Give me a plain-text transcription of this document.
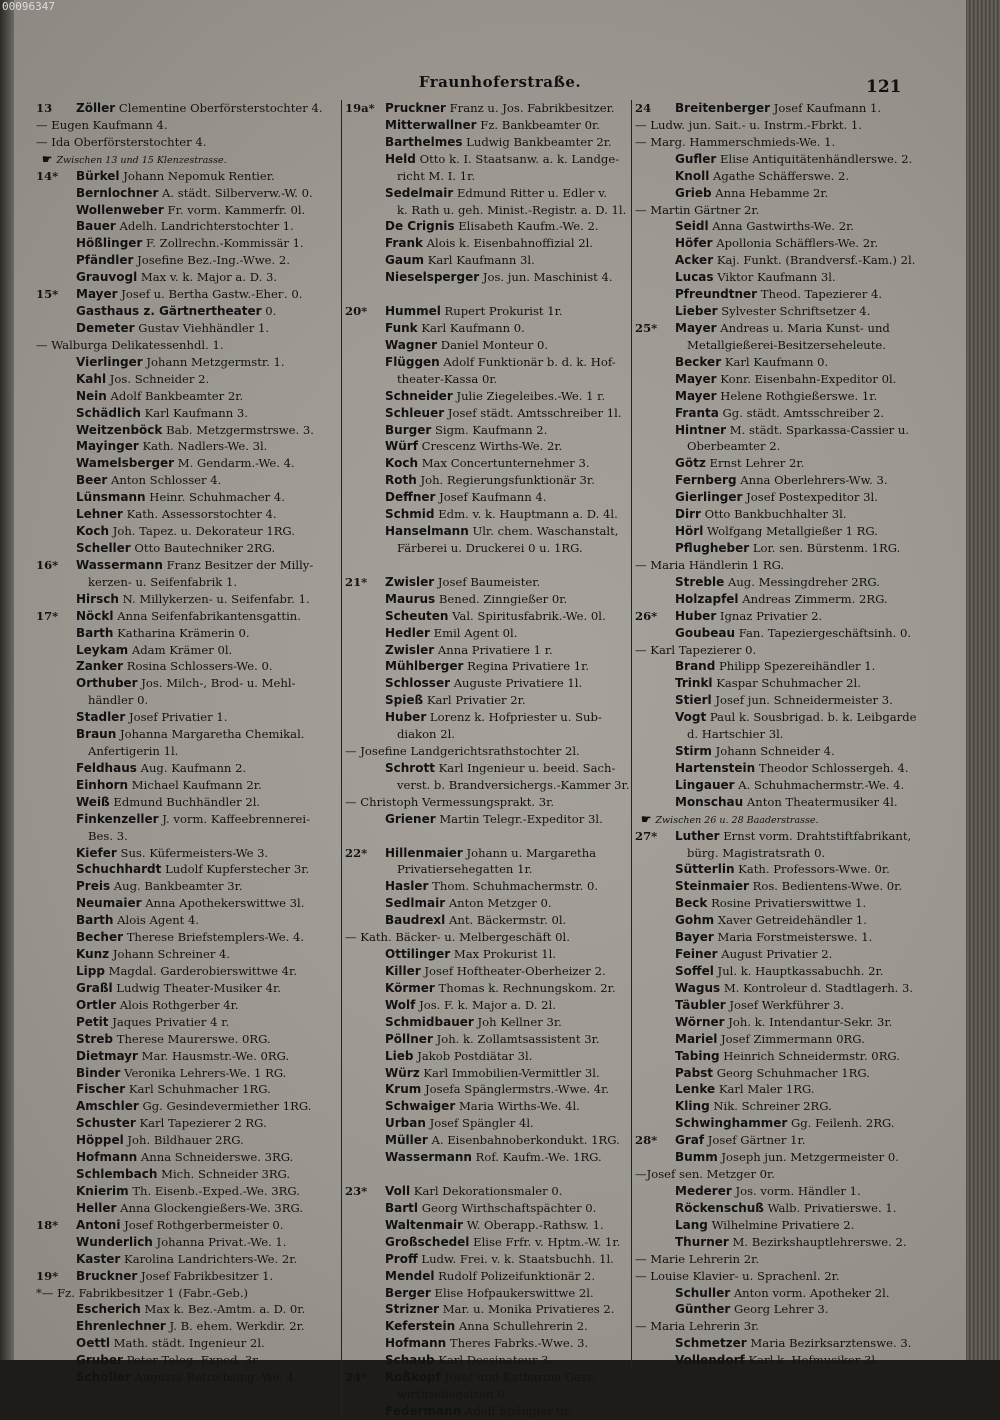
00096347
Fraunhoferstraße.	121
13 Zöller Clementine Oberförsterstochter 4.
— Eugen Kaufmann 4.
— Ida Oberförsterstochter 4.
☛ Zwischen 13 und 15 Klenzestrasse.
14* Bürkel Johann Nepomuk Rentier.
Bernlochner A. städt. Silberverw.-W. 0.
Wollenweber Fr. vorm. Kammerfr. 0l.
Bauer Adelh. Landrichterstochter 1.
Hößlinger F. Zollrechn.-Kommissär 1.
Pfändler Josefine Bez.-Ing.-Wwe. 2.
Grauvogl Max v. k. Major a. D. 3.
15* Mayer Josef u. Bertha Gastw.-Ehег. 0.
Gasthaus z. Gärtnertheater 0.
Demeter Gustav Viehhändler 1.
— Walburga Delikatessenhdl. 1.
Vierlinger Johann Metzgermstr. 1.
Kahl Jos. Schneider 2.
Nein Adolf Bankbeamter 2r.
Schädlich Karl Kaufmann 3.
Weitzenböck Bab. Metzgermstrswe. 3.
Mayinger Kath. Nadlers-We. 3l.
Wamelsberger M. Gendarm.-We. 4.
Beer Anton Schlosser 4.
Lünsmann Heinr. Schuhmacher 4.
Lehner Kath. Assessorstochter 4.
Koch Joh. Tapez. u. Dekorateur 1RG.
Scheller Otto Bautechniker 2RG.
16* Wassermann Franz Besitzer der Milly-
kerzen- u. Seifenfabrik 1.
Hirsch N. Millykerzen- u. Seifenfabr. 1.
17* Nöckl Anna Seifenfabrikantensgattin.
Barth Katharina Krämerin 0.
Leykam Adam Krämer 0l.
Zanker Rosina Schlossers-We. 0.
Orthuber Jos. Milch-, Brod- u. Mehl-
händler 0.
Stadler Josef Privatier 1.
Braun Johanna Margaretha Chemikal.
Anfertigerin 1l.
Feldhaus Aug. Kaufmann 2.
Einhorn Michael Kaufmann 2r.
Weiß Edmund Buchhändler 2l.
Finkenzeller J. vorm. Kaffeebrennerei-
Bes. 3.
Kiefer Sus. Küfermeisters-We 3.
Schuchhardt Ludolf Kupferstecher 3r.
Preis Aug. Bankbeamter 3r.
Neumaier Anna Apothekerswittwe 3l.
Barth Alois Agent 4.
Becher Therese Briefstemplers-We. 4.
Kunz Johann Schreiner 4.
Lipp Magdal. Garderobierswittwe 4r.
Graßl Ludwig Theater-Musiker 4r.
Ortler Alois Rothgerber 4r.
Petit Jaques Privatier 4 r.
Streb Therese Maurerswe. 0RG.
Dietmayr Mar. Hausmstr.-We. 0RG.
Binder Veronika Lehrers-We. 1 RG.
Fischer Karl Schuhmacher 1RG.
Amschler Gg. Gesindevermiether 1RG.
Schuster Karl Tapezierer 2 RG.
Höppel Joh. Bildhauer 2RG.
Hofmann Anna Schneiderswe. 3RG.
Schlembach Mich. Schneider 3RG.
Knierim Th. Eisenb.-Exped.-We. 3RG.
Heller Anna Glockengießers-We. 3RG.
18* Antoni Josef Rothgerbermeister 0.
Wunderlich Johanna Privat.-We. 1.
Kaster Karolina Landrichters-We. 2r.
19* Bruckner Josef Fabrikbesitzer 1.
*— Fz. Fabrikbesitzer 1 (Fabr.-Geb.)
Escherich Max k. Bez.-Amtm. a. D. 0r.
Ehrenlechner J. B. ehem. Werkdir. 2r.
Oettl Math. städt. Ingenieur 2l.
Gruber Peter Teleg.-Exped. 3r.
Schöller Augusta Betriebsing.-We. 4.
19a* Pruckner Franz u. Jos. Fabrikbesitzer.
Mitterwallner Fz. Bankbeamter 0r.
Barthelmes Ludwig Bankbeamter 2r.
Held Otto k. I. Staatsanw. a. k. Landge-
richt M. I. 1r.
Sedelmair Edmund Ritter u. Edler v.
k. Rath u. geh. Minist.-Registr. a. D. 1l.
De Crignis Elisabeth Kaufm.-We. 2.
Frank Alois k. Eisenbahnoffizial 2l.
Gaum Karl Kaufmann 3l.
Nieselsperger Jos. jun. Maschinist 4.
20* Hummel Rupert Prokurist 1r.
Funk Karl Kaufmann 0.
Wagner Daniel Monteur 0.
Flüggen Adolf Funktionär b. d. k. Hof-
theater-Kassa 0r.
Schneider Julie Ziegeleibes.-We. 1 r.
Schleuer Josef städt. Amtsschreiber 1l.
Burger Sigm. Kaufmann 2.
Würf Crescenz Wirths-We. 2r.
Koch Max Concertunternehmer 3.
Roth Joh. Regierungsfunktionär 3r.
Deffner Josef Kaufmann 4.
Schmid Edm. v. k. Hauptmann a. D. 4l.
Hanselmann Ulr. chem. Waschanstalt,
Färberei u. Druckerei 0 u. 1RG.
21* Zwisler Josef Baumeister.
Maurus Bened. Zinngießer 0r.
Scheuten Val. Spiritusfabrik.-We. 0l.
Hedler Emil Agent 0l.
Zwisler Anna Privatiere 1 r.
Mühlberger Regina Privatiere 1r.
Schlosser Auguste Privatiere 1l.
Spieß Karl Privatier 2r.
Huber Lorenz k. Hofpriester u. Sub-
diakon 2l.
— Josefine Landgerichtsrathstochter 2l.
Schrott Karl Ingenieur u. beeid. Sach-
verst. b. Brandversichergs.-Kammer 3r.
— Christoph Vermessungsprakt. 3r.
Griener Martin Telegr.-Expeditor 3l.
22* Hillenmaier Johann u. Margaretha
Privatiersehegatten 1r.
Hasler Thom. Schuhmachermstr. 0.
Sedlmair Anton Metzger 0.
Baudrexl Ant. Bäckermstr. 0l.
— Kath. Bäcker- u. Melbergeschäft 0l.
Ottilinger Max Prokurist 1l.
Killer Josef Hoftheater-Oberheizer 2.
Körmer Thomas k. Rechnungskom. 2r.
Wolf Jos. F. k. Major a. D. 2l.
Schmidbauer Joh Kellner 3r.
Pöllner Joh. k. Zollamtsassistent 3r.
Lieb Jakob Postdiätar 3l.
Würz Karl Immobilien-Vermittler 3l.
Krum Josefa Spänglermstrs.-Wwe. 4r.
Schwaiger Maria Wirths-We. 4l.
Urban Josef Spängler 4l.
Müller A. Eisenbahnoberkondukt. 1RG.
Wassermann Rof. Kaufm.-We. 1RG.
23* Voll Karl Dekorationsmaler 0.
Bartl Georg Wirthschaftspächter 0.
Waltenmair W. Oberapp.-Rathsw. 1.
Großschedel Elise Frfr. v. Hptm.-W. 1r.
Proff Ludw. Frei. v. k. Staatsbuchh. 1l.
Mendel Rudolf Polizeifunktionär 2.
Berger Elise Hofpaukerswittwe 2l.
Strizner Mar. u. Monika Privatieres 2.
Keferstein Anna Schullehrerin 2.
Hofmann Theres Fabrks.-Wwe. 3.
Schaub Karl Dessinateur 3.
24* Roßkopf Josef und Katharina Gast-
wirthsehegatten 0.
Federmann Adolf Spängler 0r.
24 Breitenberger Josef Kaufmann 1.
— Ludw. jun. Sait.- u. Instrm.-Fbrkt. 1.
— Marg. Hammerschmieds-We. 1.
Gufler Elise Antiquitätenhändlerswe. 2.
Knoll Agathe Schäfferswe. 2.
Grieb Anna Hebamme 2r.
— Martin Gärtner 2r.
Seidl Anna Gastwirths-We. 2r.
Höfer Apollonia Schäfflers-We. 2r.
Acker Kaj. Funkt. (Brandversf.-Kam.) 2l.
Lucas Viktor Kaufmann 3l.
Pfreundtner Theod. Tapezierer 4.
Lieber Sylvester Schriftsetzer 4.
25* Mayer Andreas u. Maria Kunst- und
Metallgießerei-Besitzersehеleute.
Becker Karl Kaufmann 0.
Mayer Konr. Eisenbahn-Expeditor 0l.
Mayer Helene Rothgießerswe. 1r.
Franta Gg. städt. Amtsschreiber 2.
Hintner M. städt. Sparkassa-Cassier u.
Oberbeamter 2.
Götz Ernst Lehrer 2r.
Fernberg Anna Oberlehrers-Ww. 3.
Gierlinger Josef Postexpeditor 3l.
Dirr Otto Bankbuchhalter 3l.
Hörl Wolfgang Metallgießer 1 RG.
Pflugheber Lor. sen. Bürstenm. 1RG.
— Maria Händlerin 1 RG.
Streble Aug. Messingdreher 2RG.
Holzapfel Andreas Zimmerm. 2RG.
26* Huber Ignaz Privatier 2.
Goubeau Fan. Tapeziergeschäftsinh. 0.
— Karl Tapezierer 0.
Brand Philipp Spezereihändler 1.
Trinkl Kaspar Schuhmacher 2l.
Stierl Josef jun. Schneidermeister 3.
Vogt Paul k. Sousbrigad. b. k. Leibgarde
d. Hartschier 3l.
Stirm Johann Schneider 4.
Hartenstein Theodor Schlossergeh. 4.
Lingauer A. Schuhmachermstr.-We. 4.
Monschau Anton Theatermusiker 4l.
☛ Zwischen 26 u. 28 Baaderstrasse.
27* Luther Ernst vorm. Drahtstiftfabrikant,
bürg. Magistratsrath 0.
Sütterlin Kath. Professors-Wwe. 0r.
Steinmaier Ros. Bedientens-Wwe. 0r.
Beck Rosine Privatierswittwe 1.
Gohm Xaver Getreidehändler 1.
Bayer Maria Forstmeisterswe. 1.
Feiner August Privatier 2.
Soffel Jul. k. Hauptkassabuchh. 2r.
Wagus M. Kontroleur d. Stadtlagerh. 3.
Täubler Josef Werkführer 3.
Wörner Joh. k. Intendantur-Sekr. 3r.
Mariel Josef Zimmermann 0RG.
Tabing Heinrich Schneidermstr. 0RG.
Pabst Georg Schuhmacher 1RG.
Lenke Karl Maler 1RG.
Kling Nik. Schreiner 2RG.
Schwinghammer Gg. Feilenh. 2RG.
28* Graf Josef Gärtner 1r.
Bumm Joseph jun. Metzgermeister 0.
—Josef sen. Metzger 0r.
Mederer Jos. vorm. Händler 1.
Röckenschuß Walb. Privatierswe. 1.
Lang Wilhelmine Privatiere 2.
Thurner M. Bezirkshauptlehrerswe. 2.
— Marie Lehrerin 2r.
— Louise Klavier- u. Sprachenl. 2r.
Schuller Anton vorm. Apotheker 2l.
Günther Georg Lehrer 3.
— Maria Lehrerin 3r.
Schmetzer Maria Bezirksarztenswe. 3.
Vollendorf Karl k. Hofmusiker 3l.
